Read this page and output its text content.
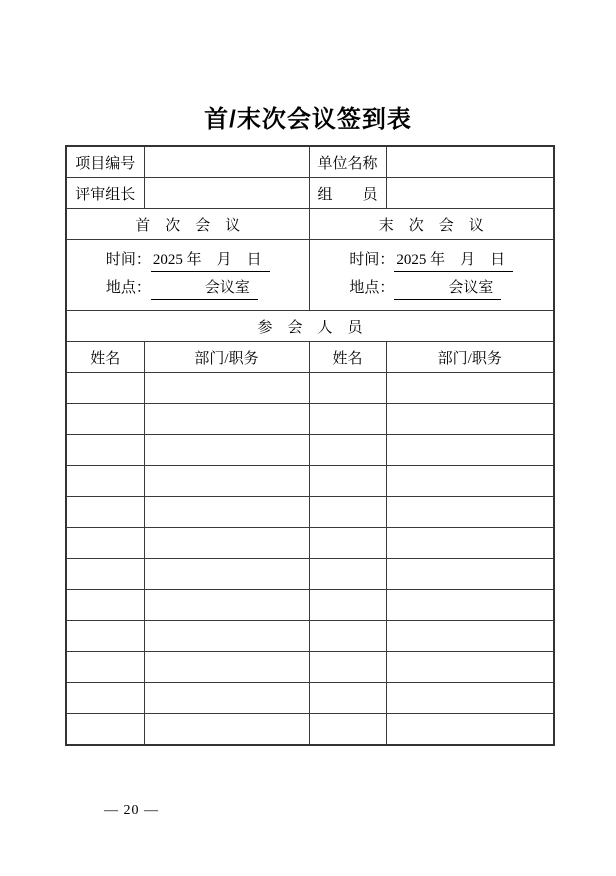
首/末次会议签到表
项目编号		单位名称	
评审组长		组　　员	
首　次　会　议		末　次　会　议	

时间： 2025 年　月　日
地点：	会议室

时间： 2025 年　月　日
地点：	会议室

参　会　人　员			
姓名	部门/职务	姓名	部门/职务

— 20 —
